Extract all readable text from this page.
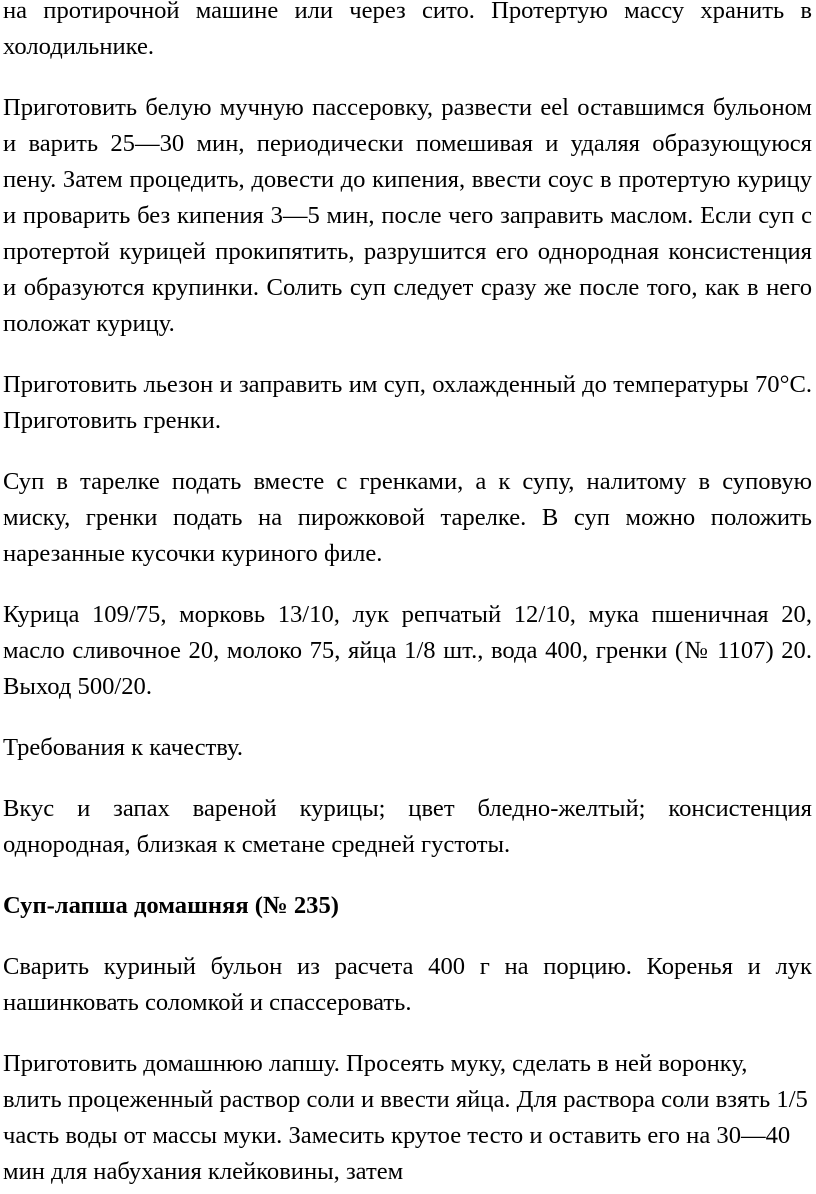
на протирочной машине или через сито. Протертую массу хранить в холодильнике.

Приготовить белую мучную пассеровку, развести eel оставшимся бульоном и варить 25—30 мин, периодически помешивая и удаляя образующуюся пену. Затем процедить, довести до кипения, ввести соус в протертую курицу и проварить без кипения 3—5 мин, после чего заправить маслом. Если суп с протертой курицей прокипятить, разрушится его однородная консистенция и образуются крупинки. Солить суп следует сразу же после того, как в него положат курицу.

Приготовить льезон и заправить им суп, охлажденный до температуры 70°С. Приготовить гренки.

Суп в тарелке подать вместе с гренками, а к супу, налитому в суповую миску, гренки подать на пирожковой тарелке. В суп можно положить нарезанные кусочки куриного филе.

Курица 109/75, морковь 13/10, лук репчатый 12/10, мука пшеничная 20, масло сливочное 20, молоко 75, яйца 1/8 шт., вода 400, гренки (№ 1107) 20. Выход 500/20.

Требования к качеству.

Вкус и запах вареной курицы; цвет бледно-желтый; консистенция однородная, близкая к сметане средней густоты.

Суп-лапша домашняя (№ 235)

Сварить куриный бульон из расчета 400 г на порцию. Коренья и лук нашинковать соломкой и спассеровать.

Приготовить домашнюю лапшу. Просеять муку, сделать в ней воронку, влить процеженный раствор соли и ввести яйца. Для раствора соли взять 1/5 часть воды от массы муки. Замесить крутое тесто и оставить его на 30—40 мин для набухания клейковины, затем
